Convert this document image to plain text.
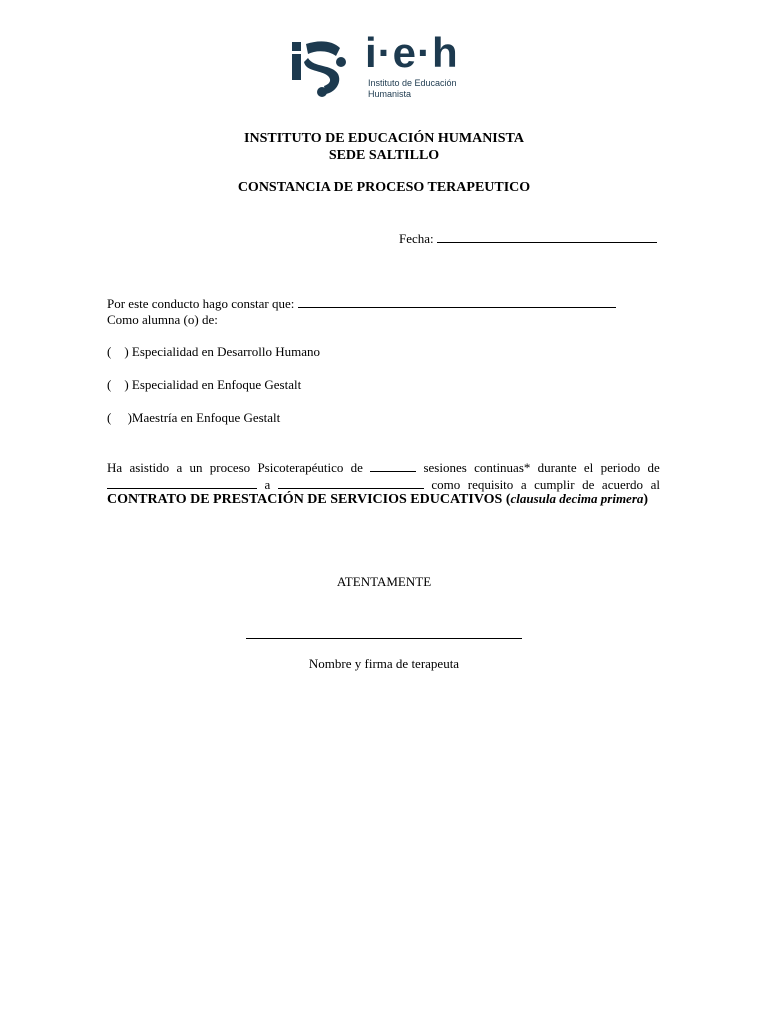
i·e·h
Instituto de Educación
Humanista
INSTITUTO DE EDUCACIÓN HUMANISTA
SEDE SALTILLO
CONSTANCIA DE PROCESO TERAPEUTICO
Fecha:
Por este conducto hago constar que:
Como alumna (o) de:
(    ) Especialidad en Desarrollo Humano
(    ) Especialidad en Enfoque Gestalt
(     )Maestría en Enfoque Gestalt
Ha asistido a un proceso Psicoterapéutico de	sesiones continuas* durante el periodo de
a	como requisito a cumplir de acuerdo al
CONTRATO DE PRESTACIÓN DE SERVICIOS EDUCATIVOS (clausula decima primera)
ATENTAMENTE
Nombre y firma de terapeuta
